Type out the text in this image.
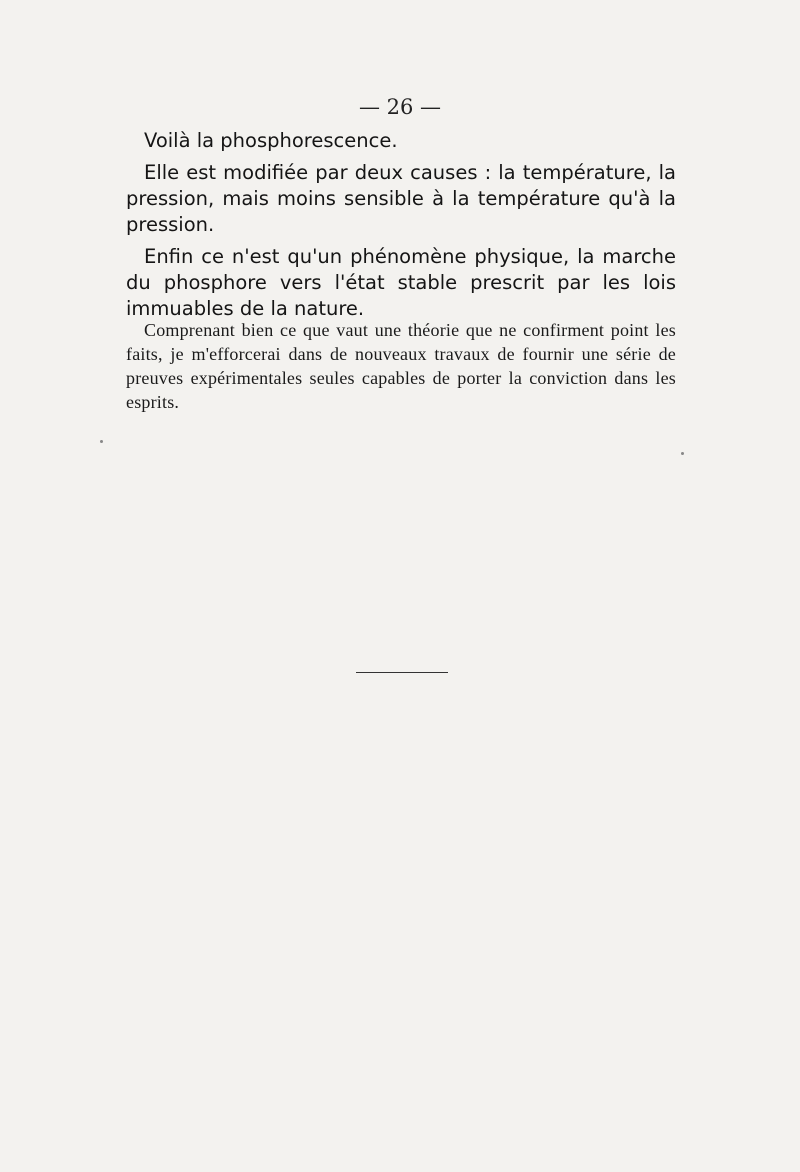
— 26 —

Voilà la phosphorescence.

Elle est modifiée par deux causes : la température, la pression, mais moins sensible à la température qu'à la pression.

Enfin ce n'est qu'un phénomène physique, la marche du phosphore vers l'état stable prescrit par les lois immuables de la nature.

Comprenant bien ce que vaut une théorie que ne confirment point les faits, je m'efforcerai dans de nouveaux travaux de fournir une série de preuves expérimentales seules capables de porter la conviction dans les esprits.
